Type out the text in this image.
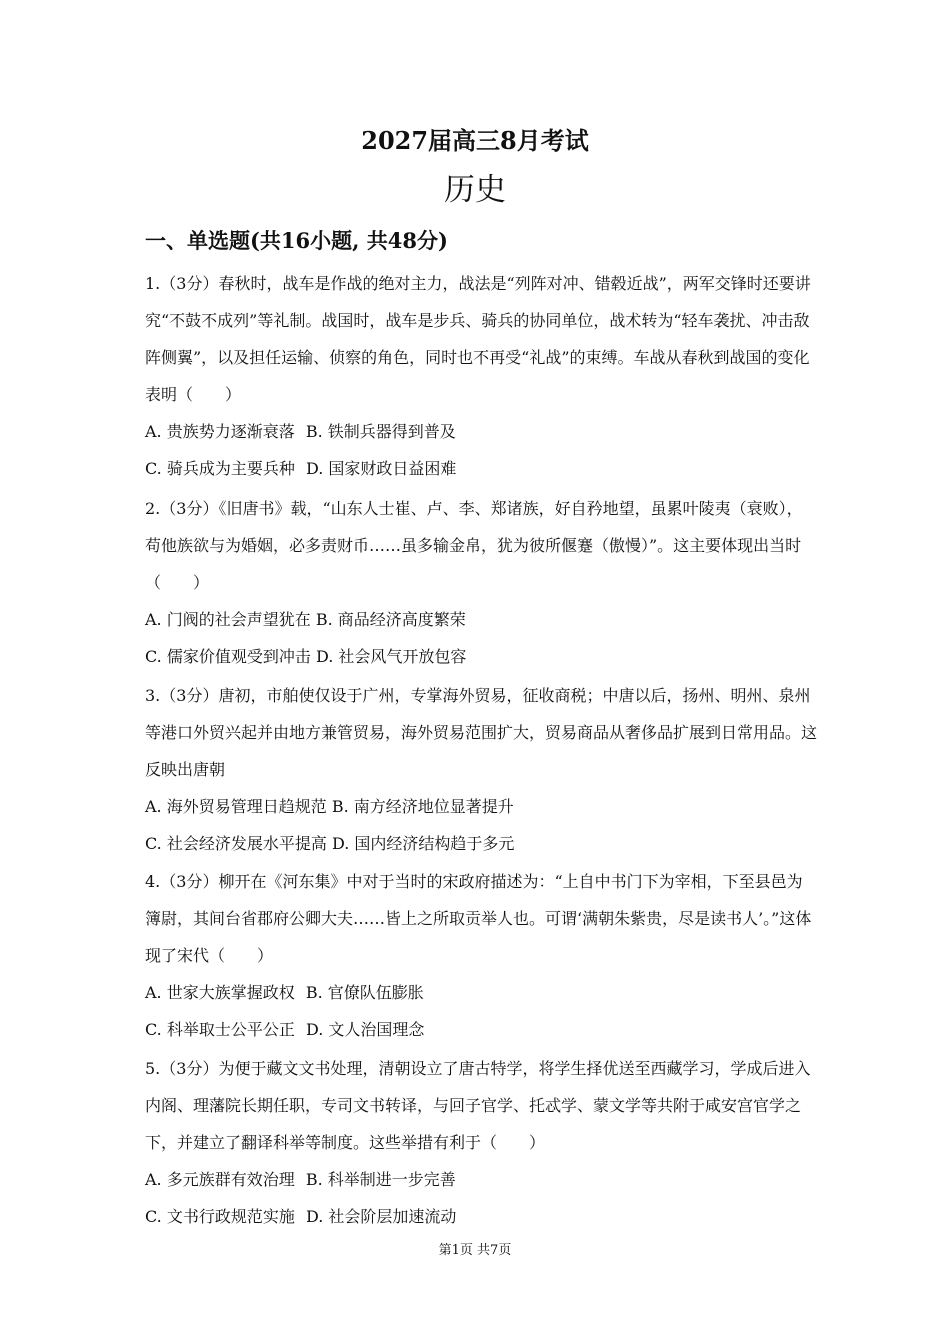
2027届高三8月考试
历史
一、单选题(共16小题, 共48分)

1.（3分）春秋时，战车是作战的绝对主力，战法是“列阵对冲、错毂近战”，两军交锋时还要讲究“不鼓不成列”等礼制。战国时，战车是步兵、骑兵的协同单位，战术转为“轻车袭扰、冲击敌阵侧翼”，以及担任运输、侦察的角色，同时也不再受“礼战”的束缚。车战从春秋到战国的变化表明（　　）

A. 贵族势力逐渐衰落 B. 铁制兵器得到普及
C. 骑兵成为主要兵种 D. 国家财政日益困难

2.（3分）《旧唐书》载，“山东人士崔、卢、李、郑诸族，好自矜地望，虽累叶陵夷（衰败），苟他族欲与为婚姻，必多责财币……虽多输金帛，犹为彼所偃蹇（傲慢）”。这主要体现出当时（　　）

A. 门阀的社会声望犹在 B. 商品经济高度繁荣
C. 儒家价值观受到冲击 D. 社会风气开放包容

3.（3分）唐初，市舶使仅设于广州，专掌海外贸易，征收商税；中唐以后，扬州、明州、泉州等港口外贸兴起并由地方兼管贸易，海外贸易范围扩大，贸易商品从奢侈品扩展到日常用品。这反映出唐朝

A. 海外贸易管理日趋规范 B. 南方经济地位显著提升
C. 社会经济发展水平提高 D. 国内经济结构趋于多元

4.（3分）柳开在《河东集》中对于当时的宋政府描述为：“上自中书门下为宰相，下至县邑为簿尉，其间台省郡府公卿大夫……皆上之所取贡举人也。可谓‘满朝朱紫贵，尽是读书人’。”这体现了宋代（　　）

A. 世家大族掌握政权 B. 官僚队伍膨胀
C. 科举取士公平公正 D. 文人治国理念

5.（3分）为便于藏文文书处理，清朝设立了唐古特学，将学生择优送至西藏学习，学成后进入内阁、理藩院长期任职，专司文书转译，与回子官学、托忒学、蒙文学等共附于咸安宫官学之下，并建立了翻译科举等制度。这些举措有利于（　　）

A. 多元族群有效治理 B. 科举制进一步完善
C. 文书行政规范实施 D. 社会阶层加速流动
第1页 共7页
